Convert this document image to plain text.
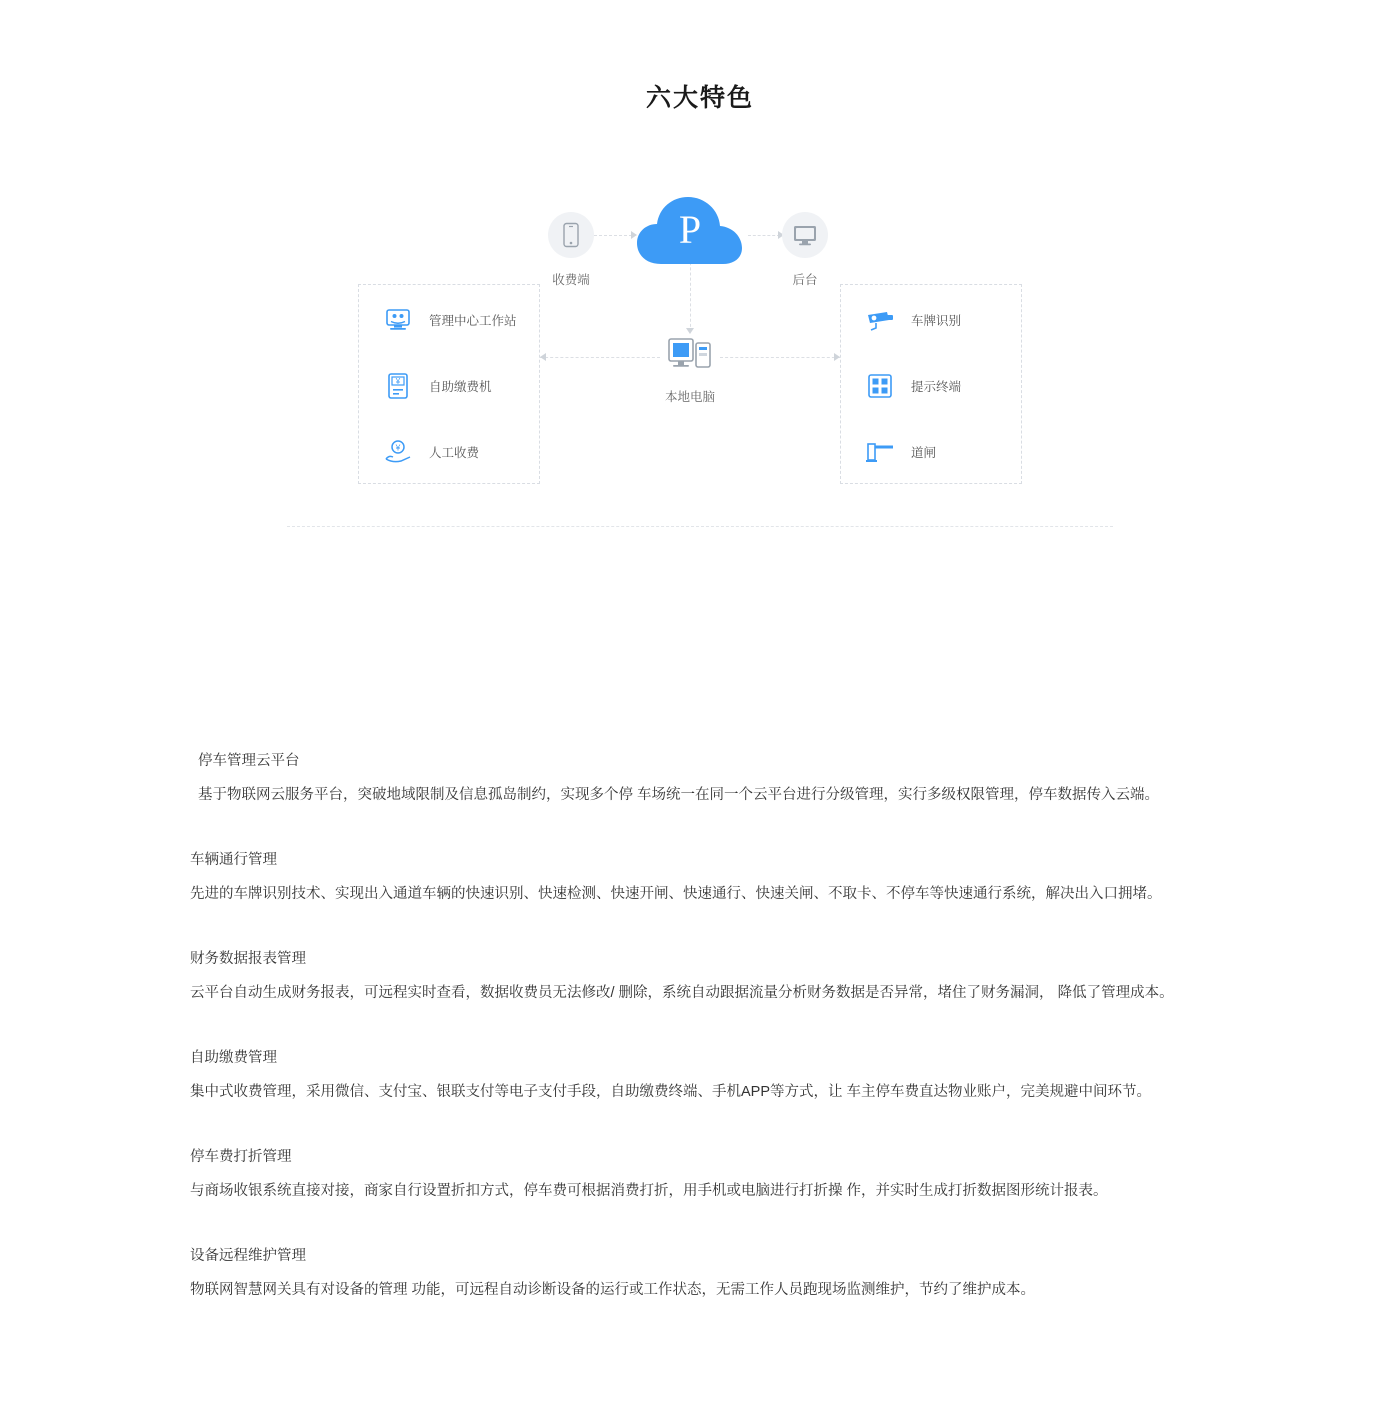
六大特色
P
收费端	后台
本地电脑
管理中心工作站
¥ 自助缴费机
¥ 人工收费
车牌识别
提示终端
道闸

停车管理云平台

基于物联网云服务平台，突破地域限制及信息孤岛制约，实现多个停 车场统一在同一个云平台进行分级管理，实行多级权限管理，停车数据传入云端。

车辆通行管理

先进的车牌识别技术、实现出入通道车辆的快速识别、快速检测、快速开闸、快速通行、快速关闸、不取卡、不停车等快速通行系统，解决出入口拥堵。

财务数据报表管理

云平台自动生成财务报表，可远程实时查看，数据收费员无法修改/ 删除，系统自动跟据流量分析财务数据是否异常，堵住了财务漏洞， 降低了管理成本。

自助缴费管理

集中式收费管理，采用微信、支付宝、银联支付等电子支付手段，自助缴费终端、手机APP等方式，让 车主停车费直达物业账户，完美规避中间环节。

停车费打折管理

与商场收银系统直接对接，商家自行设置折扣方式，停车费可根据消费打折，用手机或电脑进行打折操 作，并实时生成打折数据图形统计报表。

设备远程维护管理

物联网智慧网关具有对设备的管理 功能，可远程自动诊断设备的运行或工作状态，无需工作人员跑现场监测维护，节约了维护成本。
